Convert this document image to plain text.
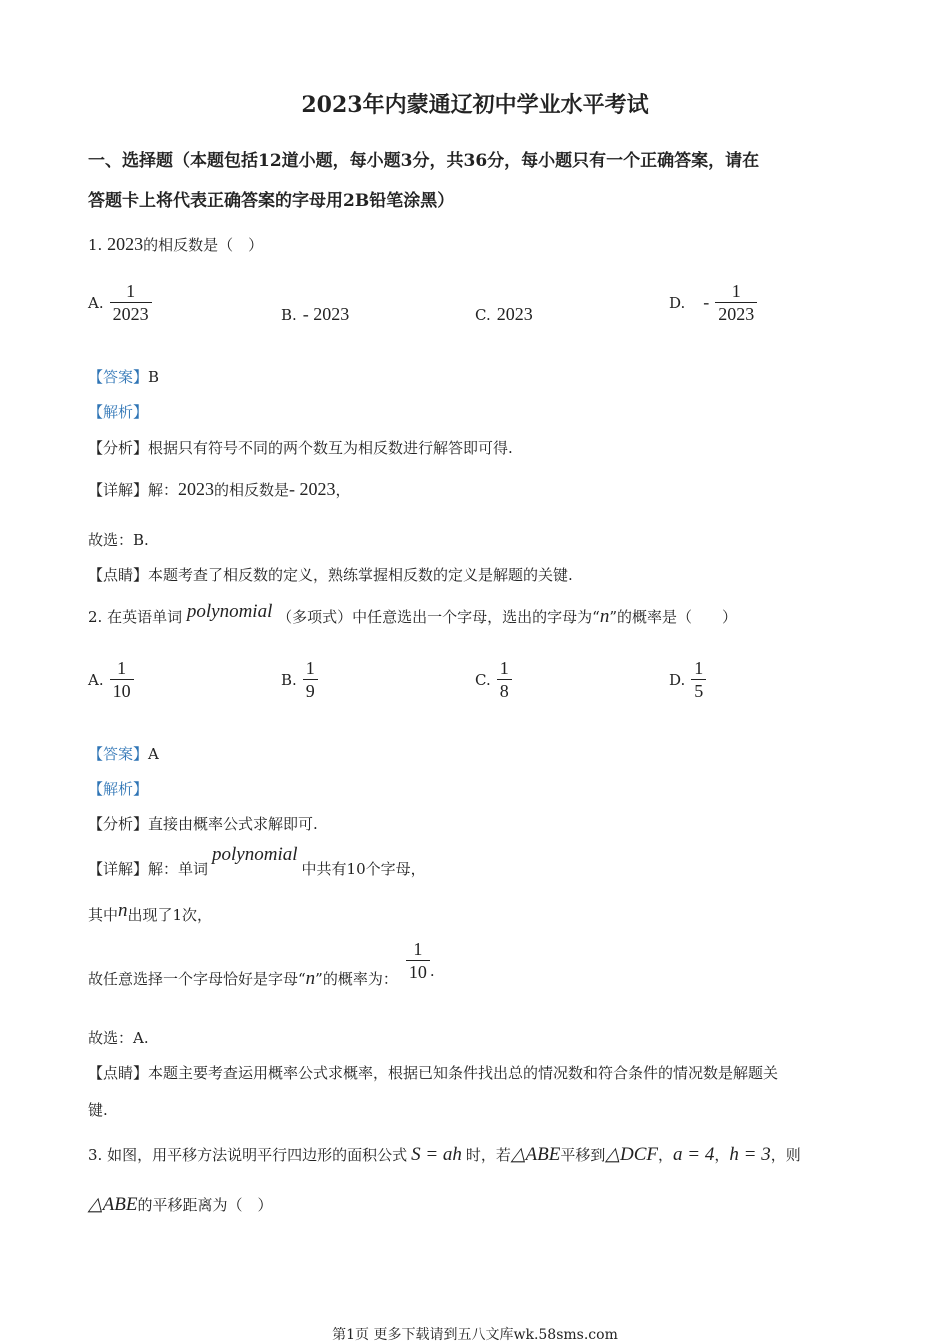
2023年内蒙通辽初中学业水平考试
一、选择题（本题包括12道小题，每小题3分，共36分，每小题只有一个正确答案，请在
答题卡上将代表正确答案的字母用2B铅笔涂黑）
1. 2023的相反数是（　）
A. $\frac{1}{2023}$	B. - 2023	C. 2023
D. - $\frac{1}{2023}$
【答案】B
【解析】
【分析】根据只有符号不同的两个数互为相反数进行解答即可得.
【详解】解：2023的相反数是- 2023，
故选：B.
【点睛】本题考查了相反数的定义，熟练掌握相反数的定义是解题的关键.
2. 在英语单词 polynomial （多项式）中任意选出一个字母，选出的字母为“n”的概率是（　　）
A. $\frac{1}{10}$	B. $\frac{1}{9}$	C. $\frac{1}{8}$	D. $\frac{1}{5}$
【答案】A
【解析】
【分析】直接由概率公式求解即可.
【详解】解：单词polynomial中共有10个字母，
其中n出现了1次，
故任意选择一个字母恰好是字母“ n ”的概率为： $\frac{1}{10}$ .
故选：A.
【点睛】本题主要考查运用概率公式求概率，根据已知条件找出总的情况数和符合条件的情况数是解题关
键.
3. 如图，用平移方法说明平行四边形的面积公式 S = ah 时，若△ABE平移到△DCF，a = 4，h = 3，则
△ABE的平移距离为（　）
第1页 更多下载请到五八文库wk.58sms.com
